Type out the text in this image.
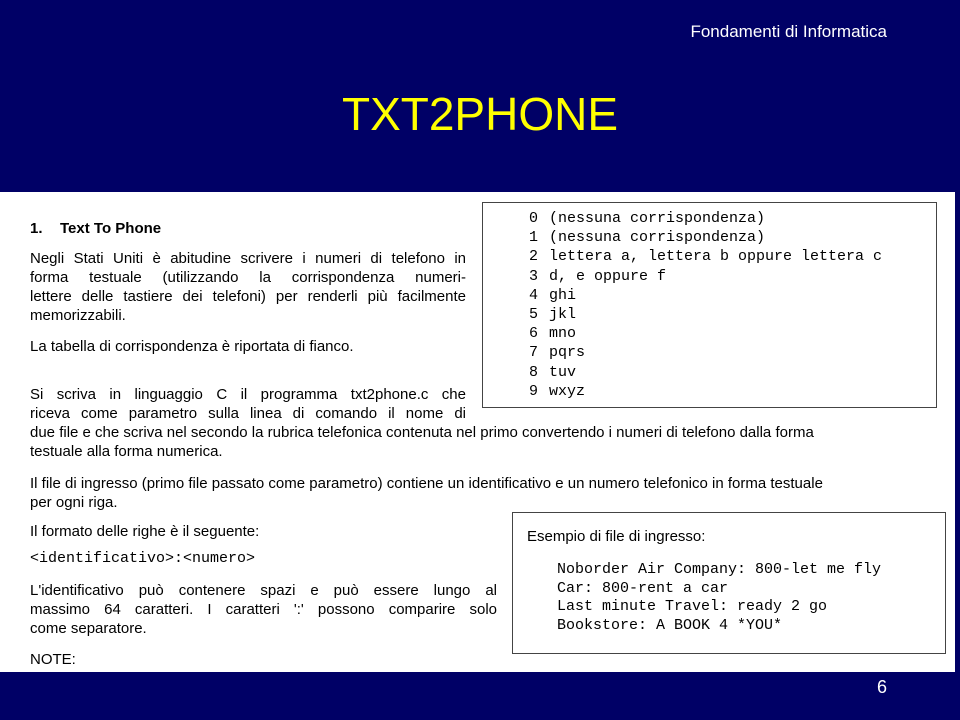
Fondamenti di Informatica
TXT2PHONE
1. Text To Phone

Negli Stati Uniti è abitudine scrivere i numeri di telefono in

forma testuale (utilizzando la corrispondenza numeri-

lettere delle tastiere dei telefoni) per renderli più facilmente

memorizzabili.

La tabella di corrispondenza è riportata di fianco.

Si scriva in linguaggio C il programma txt2phone.c che

riceva come parametro sulla linea di comando il nome di

due file e che scriva nel secondo la rubrica telefonica contenuta nel primo convertendo i numeri di telefono dalla forma

testuale alla forma numerica.

Il file di ingresso (primo file passato come parametro) contiene un identificativo e un numero telefonico in forma testuale

per ogni riga.

Il formato delle righe è il seguente:

<identificativo>:<numero>

L'identificativo può contenere spazi e può essere lungo al

massimo 64 caratteri. I caratteri ':' possono comparire solo

come separatore.

NOTE:

0 (nessuna corrispondenza)
1 (nessuna corrispondenza)
2 lettera a, lettera b oppure lettera c
3 d, e oppure f
4 ghi
5 jkl
6 mno
7 pqrs
8 tuv
9 wxyz
Esempio di file di ingresso:
Noborder Air Company: 800-let me fly
Car: 800-rent a car
Last minute Travel: ready 2 go
Bookstore: A BOOK 4 *YOU*
6
